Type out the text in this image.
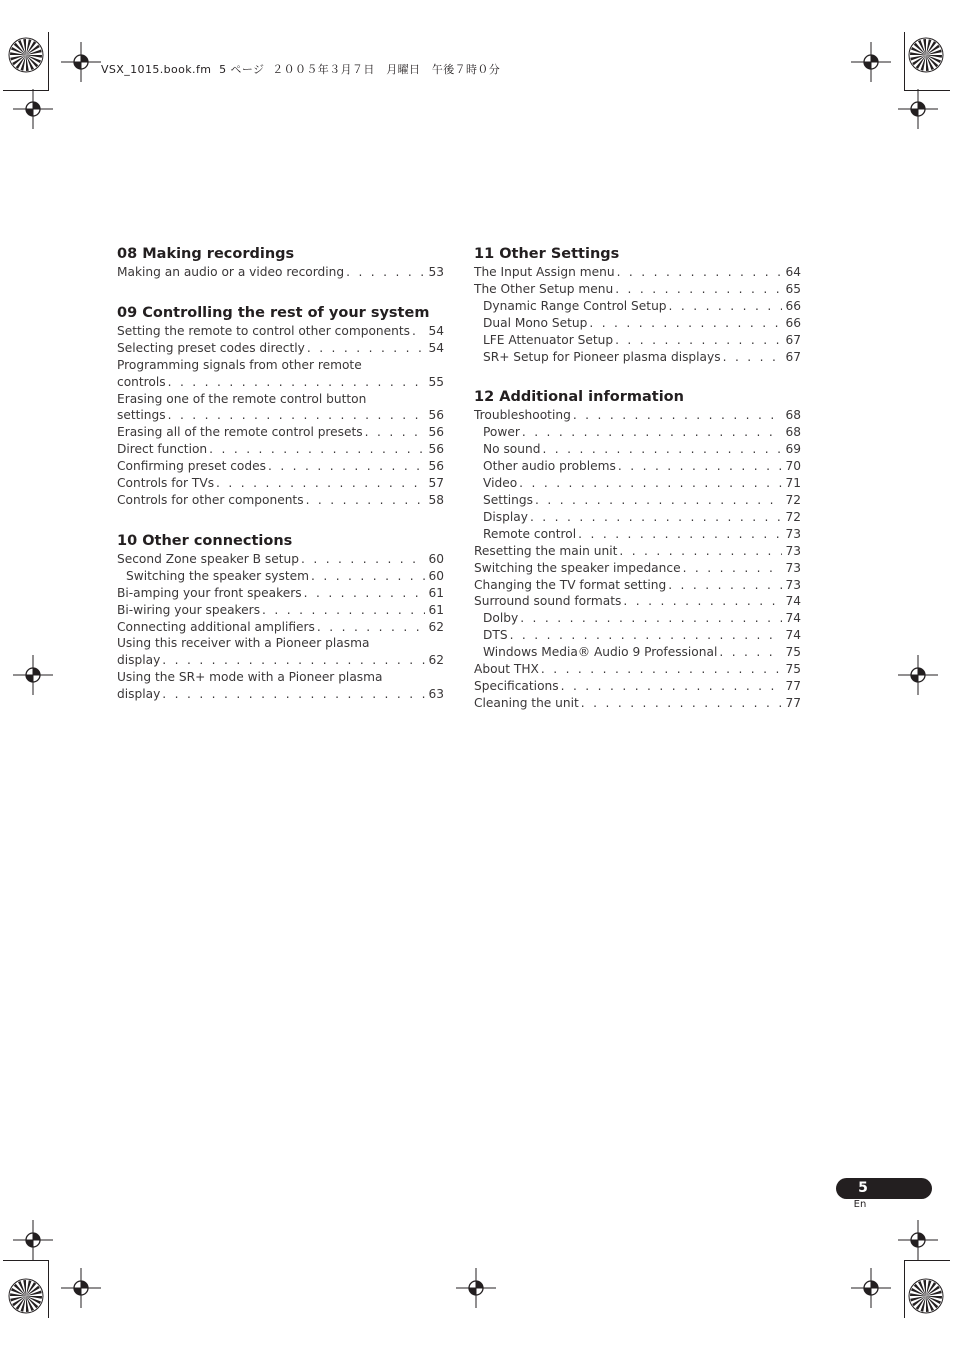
VSX_1015.book.fm  5 ページ  ２００５年３月７日　月曜日　午後７時０分
08 Making recordings
Making an audio or a video recording . . .	53
09 Controlling the rest of your system
Setting the remote to control other components . . . 54
Selecting preset codes directly . . .	54
Programming signals from other remote
controls . . .	55
Erasing one of the remote control button
settings . . .	56
Erasing all of the remote control presets . . .	56
Direct function . . .	56
Confirming preset codes . . .	56
Controls for TVs . . .	57
Controls for other components . . .	58
10 Other connections
Second Zone speaker B setup . . .	60
Switching the speaker system . . .	60
Bi-amping your front speakers . . .	61
Bi-wiring your speakers . . .	61
Connecting additional amplifiers . . .	62
Using this receiver with a Pioneer plasma
display . . .	62
Using the SR+ mode with a Pioneer plasma
display . . .	63
11 Other Settings
The Input Assign menu . . .	64
The Other Setup menu . . .	65
Dynamic Range Control Setup . . .	66
Dual Mono Setup . . .	66
LFE Attenuator Setup . . .	67
SR+ Setup for Pioneer plasma displays . . .	67
12 Additional information
Troubleshooting . . .	68
Power . . .	68
No sound . . .	69
Other audio problems . . .	70
Video . . .	71
Settings . . .	72
Display . . .	72
Remote control . . .	73
Resetting the main unit . . .	73
Switching the speaker impedance . . .	73
Changing the TV format setting . . .	73
Surround sound formats . . .	74
Dolby . . .	74
DTS . . .	74
Windows Media® Audio 9 Professional . . .	75
About THX . . .	75
Specifications . . .	77
Cleaning the unit . . .	77
5
En
